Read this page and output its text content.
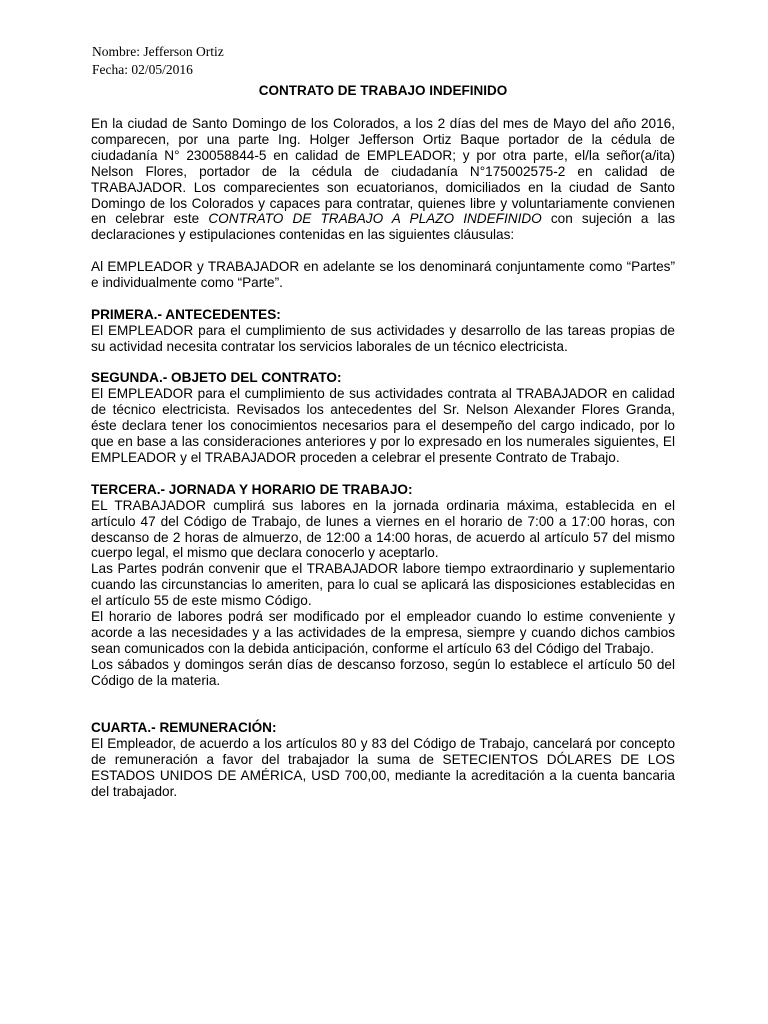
Nombre: Jefferson Ortiz
Fecha: 02/05/2016
CONTRATO DE TRABAJO INDEFINIDO

En la ciudad de Santo Domingo de los Colorados, a los 2 días del mes de Mayo del año 2016, comparecen, por una parte Ing. Holger Jefferson Ortiz Baque portador de la cédula de ciudadanía N° 230058844-5 en calidad de EMPLEADOR; y por otra parte, el/la señor(a/ita) Nelson Flores, portador de la cédula de ciudadanía N°175002575-2 en calidad de TRABAJADOR. Los comparecientes son ecuatorianos, domiciliados en la ciudad de Santo Domingo de los Colorados y capaces para contratar, quienes libre y voluntariamente convienen en celebrar este CONTRATO DE TRABAJO A PLAZO INDEFINIDO con sujeción a las declaraciones y estipulaciones contenidas en las siguientes cláusulas:

Al EMPLEADOR y TRABAJADOR en adelante se los denominará conjuntamente como “Partes” e individualmente como “Parte”.

PRIMERA.- ANTECEDENTES:

El EMPLEADOR para el cumplimiento de sus actividades y desarrollo de las tareas propias de su actividad necesita contratar los servicios laborales de un técnico electricista.

SEGUNDA.- OBJETO DEL CONTRATO:

El EMPLEADOR para el cumplimiento de sus actividades contrata al TRABAJADOR en calidad de técnico electricista. Revisados los antecedentes del Sr. Nelson Alexander Flores Granda, éste declara tener los conocimientos necesarios para el desempeño del cargo indicado, por lo que en base a las consideraciones anteriores y por lo expresado en los numerales siguientes, El EMPLEADOR y el TRABAJADOR proceden a celebrar el presente Contrato de Trabajo.

TERCERA.- JORNADA Y HORARIO DE TRABAJO:

EL TRABAJADOR cumplirá sus labores en la jornada ordinaria máxima, establecida en el artículo 47 del Código de Trabajo, de lunes a viernes en el horario de 7:00 a 17:00 horas, con descanso de 2 horas de almuerzo, de 12:00 a 14:00 horas, de acuerdo al artículo 57 del mismo cuerpo legal, el mismo que declara conocerlo y aceptarlo.

Las Partes podrán convenir que el TRABAJADOR labore tiempo extraordinario y suplementario cuando las circunstancias lo ameriten, para lo cual se aplicará las disposiciones establecidas en el artículo 55 de este mismo Código.

El horario de labores podrá ser modificado por el empleador cuando lo estime conveniente y acorde a las necesidades y a las actividades de la empresa, siempre y cuando dichos cambios sean comunicados con la debida anticipación, conforme el artículo 63 del Código del Trabajo.

Los sábados y domingos serán días de descanso forzoso, según lo establece el artículo 50 del Código de la materia.

CUARTA.- REMUNERACIÓN:

El Empleador, de acuerdo a los artículos 80 y 83 del Código de Trabajo, cancelará por concepto de remuneración a favor del trabajador la suma de SETECIENTOS DÓLARES DE LOS ESTADOS UNIDOS DE AMÉRICA, USD 700,00, mediante la acreditación a la cuenta bancaria del trabajador.
